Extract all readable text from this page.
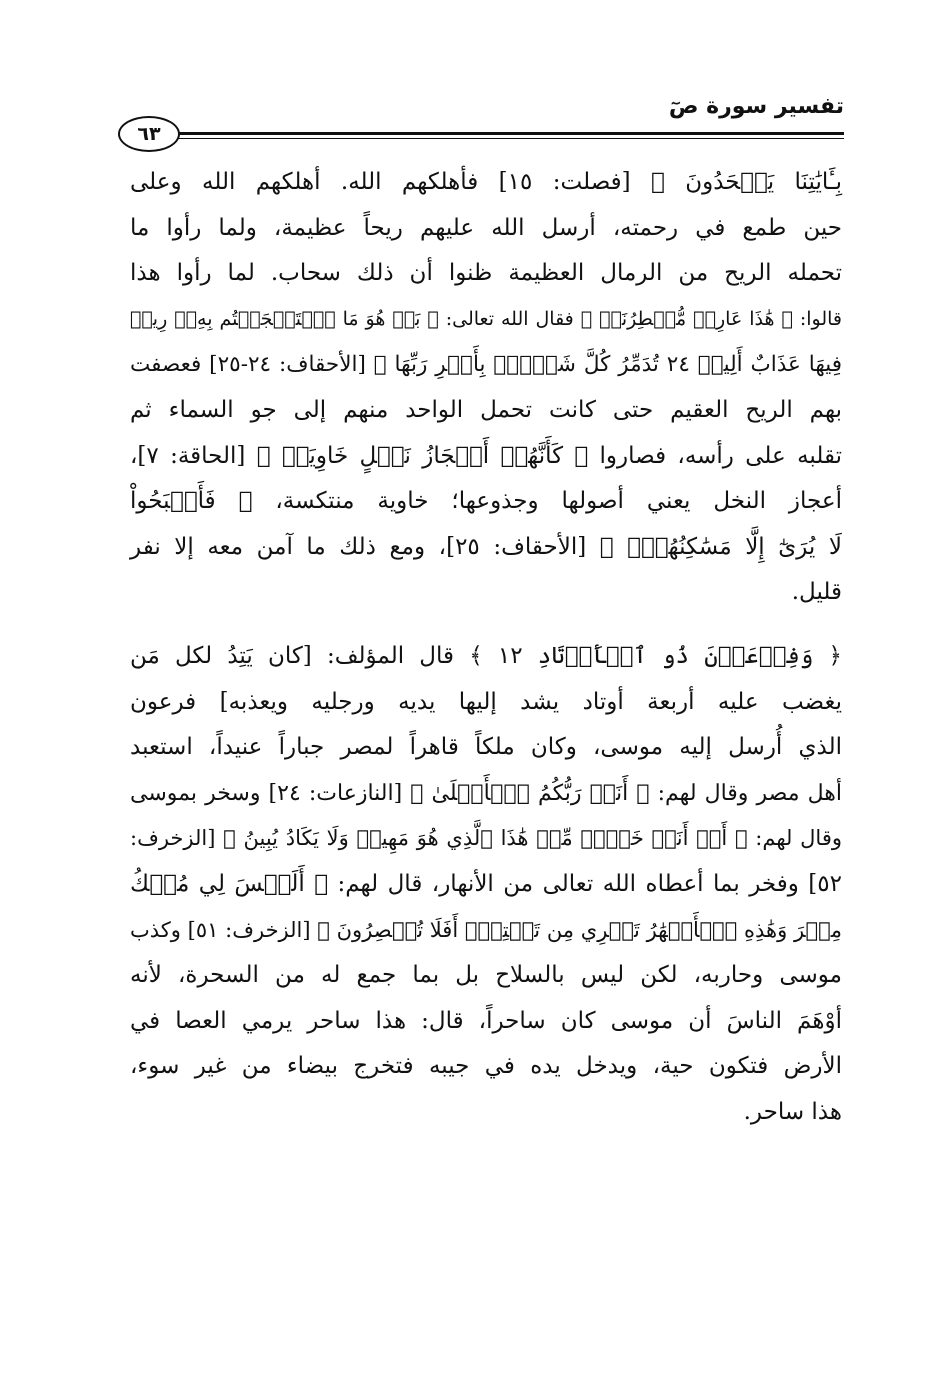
تفسير سورة صٓ
٦٣
بِـَٔايَٰتِنَا يَجۡحَدُونَ ﴾ [فصلت: ١٥] فأهلكهم الله. أهلكهم الله وعلى
حين طمع في رحمته، أرسل الله عليهم ريحاً عظيمة، ولما رأوا ما
تحمله الريح من الرمال العظيمة ظنوا أن ذلك سحاب. لما رأوا هذا
قالوا: ﴿ هَٰذَا عَارِضٞ مُّمۡطِرُنَاۚ ﴾ فقال الله تعالى: ﴿ بَلۡ هُوَ مَا ٱسۡتَعۡجَلۡتُم بِهِۦۖ رِيحٞ
فِيهَا عَذَابٌ أَلِيمٞ ٢٤ تُدَمِّرُ كُلَّ شَيۡءِۭ بِأَمۡرِ رَبِّهَا ﴾ [الأحقاف: ٢٤-٢٥] فعصفت
بهم الريح العقيم حتى كانت تحمل الواحد منهم إلى جو السماء ثم
تقلبه على رأسه، فصاروا ﴿ كَأَنَّهُمۡ أَعۡجَازُ نَخۡلٍ خَاوِيَةٖ ﴾ [الحاقة: ٧]،
أعجاز النخل يعني أصولها وجذوعها؛ خاوية منتكسة، ﴿ فَأَصۡبَحُواْ
لَا يُرَىٰٓ إِلَّا مَسَٰكِنُهُمۡۚ ﴾ [الأحقاف: ٢٥]، ومع ذلك ما آمن معه إلا نفر
قليل.
﴿ وَفِرۡعَوۡنَ ذُو ٱلۡأَوۡتَادِ ١٢ ﴾ قال المؤلف: [كان يَتِدُ لكل مَن
يغضب عليه أربعة أوتاد يشد إليها يديه ورجليه ويعذبه] فرعون
الذي أُرسل إليه موسى، وكان ملكاً قاهراً لمصر جباراً عنيداً، استعبد
أهل مصر وقال لهم: ﴿ أَنَا۠ رَبُّكُمُ ٱلۡأَعۡلَىٰ ﴾ [النازعات: ٢٤] وسخر بموسى
وقال لهم: ﴿ أَمۡ أَنَا۠ خَيۡرٞ مِّنۡ هَٰذَا ٱلَّذِي هُوَ مَهِينٞ وَلَا يَكَادُ يُبِينُ ﴾ [الزخرف:
٥٢] وفخر بما أعطاه الله تعالى من الأنهار، قال لهم: ﴿ أَلَيۡسَ لِي مُلۡكُ
مِصۡرَ وَهَٰذِهِ ٱلۡأَنۡهَٰرُ تَجۡرِي مِن تَحۡتِيٓۚ أَفَلَا تُبۡصِرُونَ ﴾ [الزخرف: ٥١] وكذب
موسى وحاربه، لكن ليس بالسلاح بل بما جمع له من السحرة، لأنه
أوْهَمَ الناسَ أن موسى كان ساحراً، قال: هذا ساحر يرمي العصا في
الأرض فتكون حية، ويدخل يده في جيبه فتخرج بيضاء من غير سوء،
هذا ساحر.
